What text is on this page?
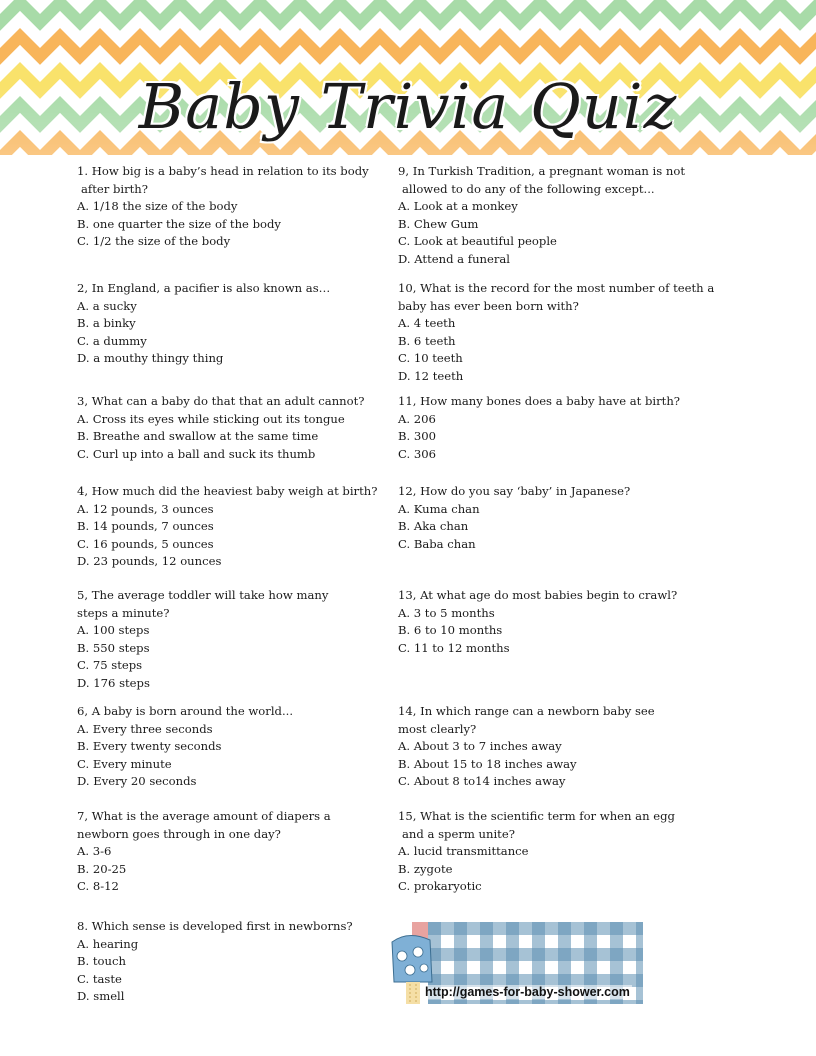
Baby Trivia Quiz
1. How big is a baby’s head in relation to its body
after birth?
A. 1/18 the size of the body
B. one quarter the size of the body
C. 1/2 the size of the body
2, In England, a pacifier is also known as…
A. a sucky
B. a binky
C. a dummy
D. a mouthy thingy thing
3, What can a baby do that that an adult cannot?
A. Cross its eyes while sticking out its tongue
B. Breathe and swallow at the same time
C. Curl up into a ball and suck its thumb
4, How much did the heaviest baby weigh at birth?
A. 12 pounds, 3 ounces
B. 14 pounds, 7 ounces
C. 16 pounds, 5 ounces
D. 23 pounds, 12 ounces
5, The average toddler will take how many
steps a minute?
A. 100 steps
B. 550 steps
C. 75 steps
D. 176 steps
6, A baby is born around the world...
A. Every three seconds
B. Every twenty seconds
C. Every minute
D. Every 20 seconds
7, What is the average amount of diapers a
newborn goes through in one day?
A. 3-6
B. 20-25
C. 8-12
8. Which sense is developed first in newborns?
A. hearing
B. touch
C. taste
D. smell
9, In Turkish Tradition, a pregnant woman is not
allowed to do any of the following except...
A. Look at a monkey
B. Chew Gum
C. Look at beautiful people
D. Attend a funeral
10, What is the record for the most number of teeth a
baby has ever been born with?
A. 4 teeth
B. 6 teeth
C. 10 teeth
D. 12 teeth
11, How many bones does a baby have at birth?
A. 206
B. 300
C. 306
12, How do you say ‘baby’ in Japanese?
A. Kuma chan
B. Aka chan
C. Baba chan
13, At what age do most babies begin to crawl?
A. 3 to 5 months
B. 6 to 10 months
C. 11 to 12 months
14, In which range can a newborn baby see
most clearly?
A. About 3 to 7 inches away
B. About 15 to 18 inches away
C. About 8 to14 inches away
15, What is the scientific term for when an egg
and a sperm unite?
A. lucid transmittance
B. zygote
C. prokaryotic
http://games-for-baby-shower.com
